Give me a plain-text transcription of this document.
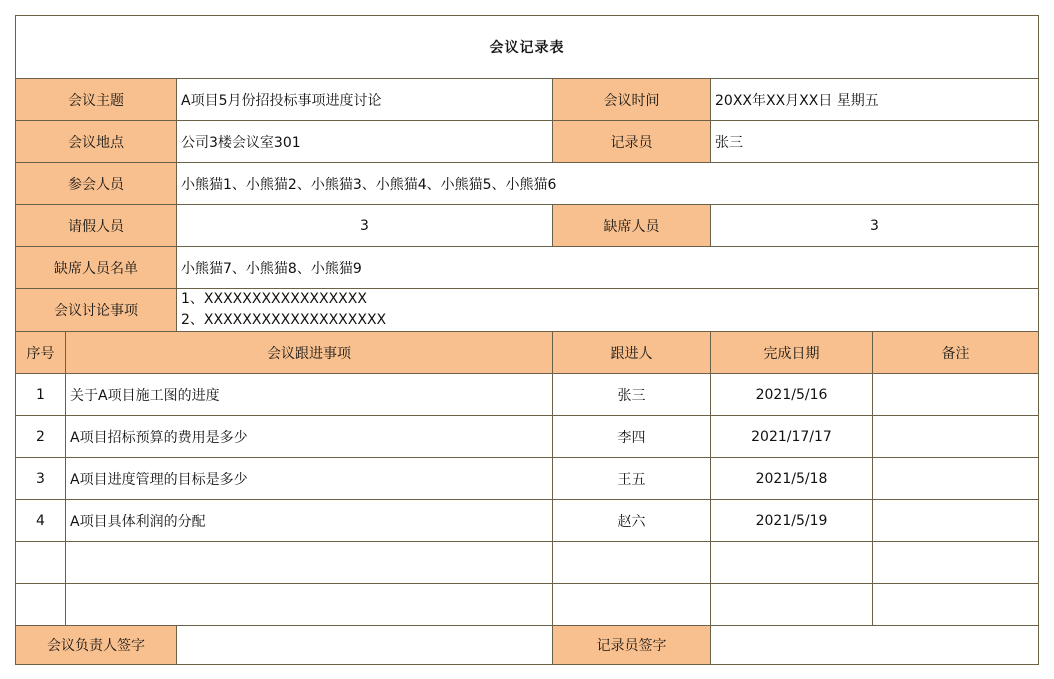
会议记录表					
会议主题		A项目5月份招投标事项进度讨论	会议时间	20XX年XX月XX日 星期五	
会议地点		公司3楼会议室301	记录员	张三	
参会人员		小熊猫1、小熊猫2、小熊猫3、小熊猫4、小熊猫5、小熊猫6			
请假人员		3	缺席人员	3	
缺席人员名单		小熊猫7、小熊猫8、小熊猫9			
会议讨论事项		1、XXXXXXXXXXXXXXXXX
2、XXXXXXXXXXXXXXXXXXX			

序号	会议跟进事项		跟进人	完成日期	备注
1	关于A项目施工图的进度		张三	2021/5/16	
2	A项目招标预算的费用是多少		李四	2021/17/17	
3	A项目进度管理的目标是多少		王五	2021/5/18	
4	A项目具体利润的分配		赵六	2021/5/19	

会议负责人签字			记录员签字		
